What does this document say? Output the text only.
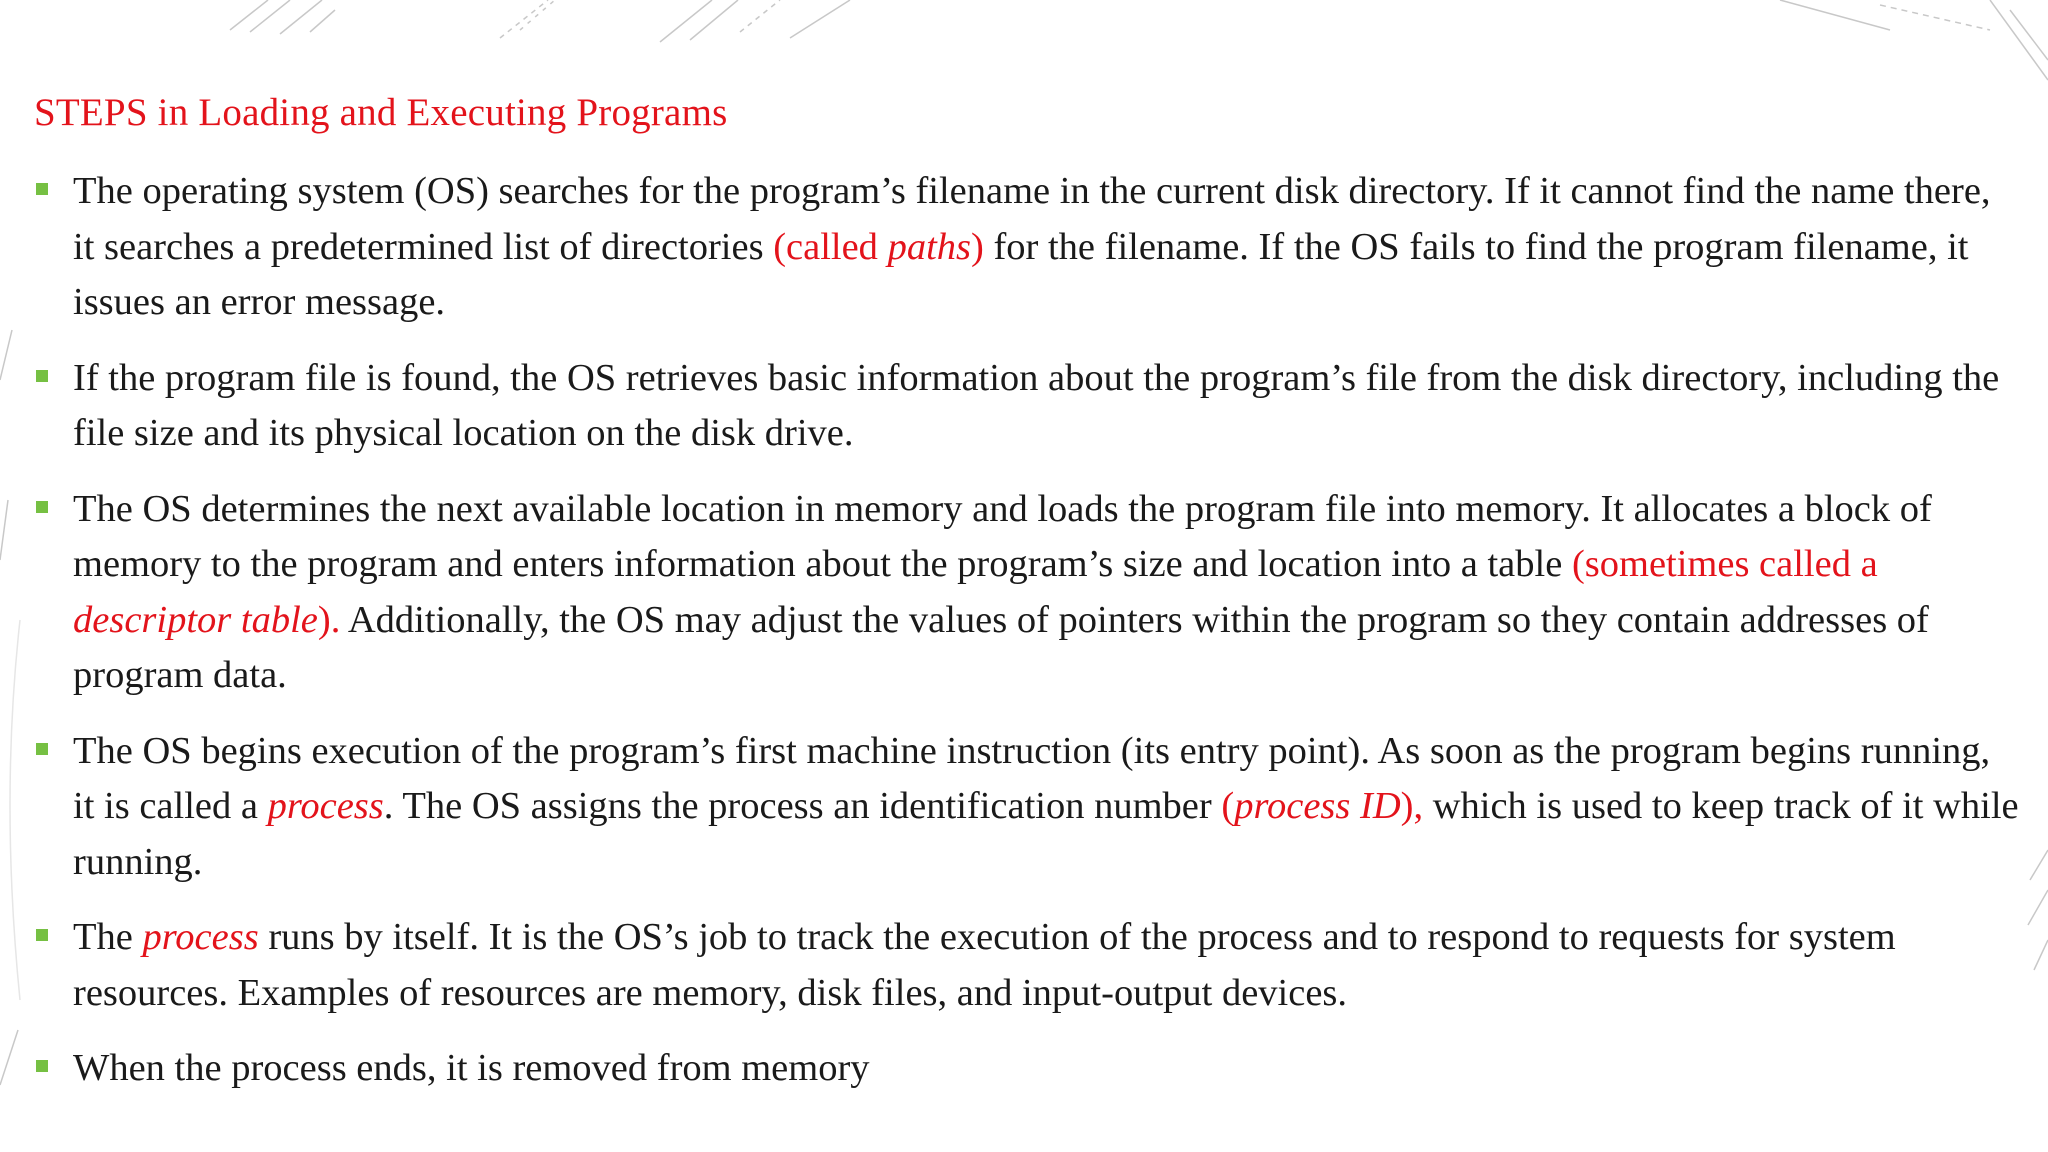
STEPS in Loading and Executing Programs
The operating system (OS) searches for the program’s filename in the current disk directory. If it cannot find the name there, it searches a predetermined list of directories (called paths) for the filename. If the OS fails to find the program filename, it issues an error message.
If the program file is found, the OS retrieves basic information about the program’s file from the disk directory, including the file size and its physical location on the disk drive.
The OS determines the next available location in memory and loads the program file into memory. It allocates a block of memory to the program and enters information about the program’s size and location into a table (sometimes called a descriptor table). Additionally, the OS may adjust the values of pointers within the program so they contain addresses of program data.
The OS begins execution of the program’s first machine instruction (its entry point). As soon as the program begins running, it is called a process. The OS assigns the process an identification number (process ID), which is used to keep track of it while running.
The process runs by itself. It is the OS’s job to track the execution of the process and to respond to requests for system resources. Examples of resources are memory, disk files, and input-output devices.
When the process ends, it is removed from memory
